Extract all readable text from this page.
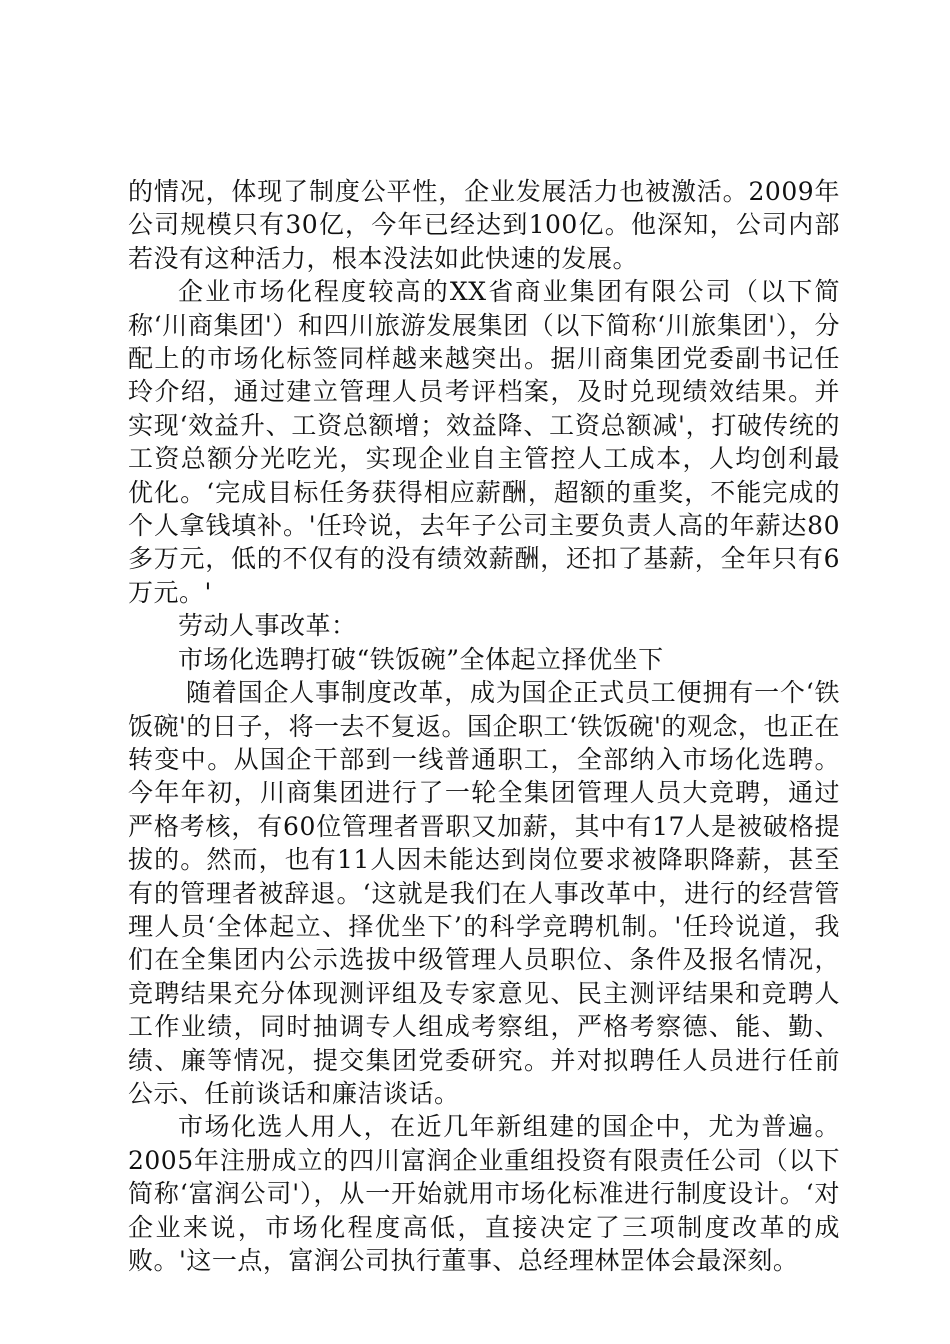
的情况，体现了制度公平性，企业发展活力也被激活。2009年公司规模只有30亿，今年已经达到100亿。他深知，公司内部若没有这种活力，根本没法如此快速的发展。

企业市场化程度较高的XX省商业集团有限公司（以下简称‘川商集团'）和四川旅游发展集团（以下简称‘川旅集团'），分配上的市场化标签同样越来越突出。据川商集团党委副书记任玲介绍，通过建立管理人员考评档案，及时兑现绩效结果。并实现‘效益升、工资总额增；效益降、工资总额减'，打破传统的工资总额分光吃光，实现企业自主管控人工成本，人均创利最优化。‘完成目标任务获得相应薪酬，超额的重奖，不能完成的个人拿钱填补。'任玲说，去年子公司主要负责人高的年薪达80多万元，低的不仅有的没有绩效薪酬，还扣了基薪，全年只有6万元。'

劳动人事改革：

市场化选聘打破“铁饭碗”全体起立择优坐下

随着国企人事制度改革，成为国企正式员工便拥有一个‘铁饭碗'的日子，将一去不复返。国企职工‘铁饭碗'的观念，也正在转变中。从国企干部到一线普通职工，全部纳入市场化选聘。今年年初，川商集团进行了一轮全集团管理人员大竞聘，通过严格考核，有60位管理者晋职又加薪，其中有17人是被破格提拔的。然而，也有11人因未能达到岗位要求被降职降薪，甚至有的管理者被辞退。‘这就是我们在人事改革中，进行的经营管理人员‘全体起立、择优坐下’的科学竞聘机制。'任玲说道，我们在全集团内公示选拔中级管理人员职位、条件及报名情况，竞聘结果充分体现测评组及专家意见、民主测评结果和竞聘人工作业绩，同时抽调专人组成考察组，严格考察德、能、勤、绩、廉等情况，提交集团党委研究。并对拟聘任人员进行任前公示、任前谈话和廉洁谈话。

市场化选人用人，在近几年新组建的国企中，尤为普遍。2005年注册成立的四川富润企业重组投资有限责任公司（以下简称‘富润公司'），从一开始就用市场化标准进行制度设计。‘对企业来说，市场化程度高低，直接决定了三项制度改革的成败。'这一点，富润公司执行董事、总经理林罡体会最深刻。
